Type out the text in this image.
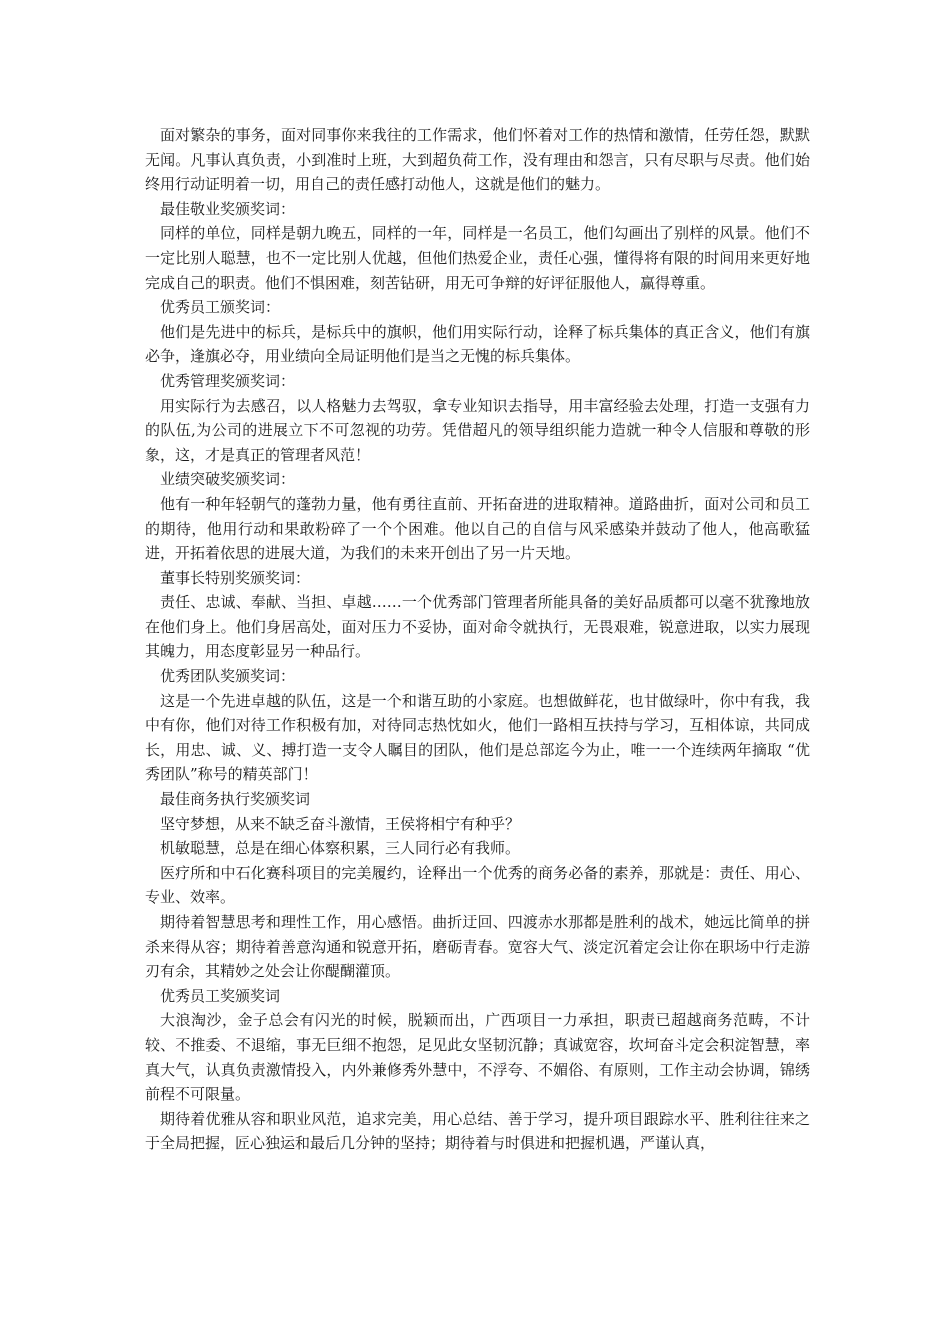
面对繁杂的事务，面对同事你来我往的工作需求，他们怀着对工作的热情和激情，任劳任怨，默默无闻。凡事认真负责，小到准时上班，大到超负荷工作，没有理由和怨言，只有尽职与尽责。他们始终用行动证明着一切，用自己的责任感打动他人，这就是他们的魅力。

最佳敬业奖颁奖词：

同样的单位，同样是朝九晚五，同样的一年，同样是一名员工，他们勾画出了别样的风景。他们不一定比别人聪慧，也不一定比别人优越，但他们热爱企业，责任心强，懂得将有限的时间用来更好地完成自己的职责。他们不惧困难，刻苦钻研，用无可争辩的好评征服他人，赢得尊重。

优秀员工颁奖词：

他们是先进中的标兵，是标兵中的旗帜，他们用实际行动，诠释了标兵集体的真正含义，他们有旗必争，逢旗必夺，用业绩向全局证明他们是当之无愧的标兵集体。

优秀管理奖颁奖词：

用实际行为去感召，以人格魅力去驾驭，拿专业知识去指导，用丰富经验去处理，打造一支强有力的队伍,为公司的进展立下不可忽视的功劳。凭借超凡的领导组织能力造就一种令人信服和尊敬的形象，这，才是真正的管理者风范！

业绩突破奖颁奖词：

他有一种年轻朝气的蓬勃力量，他有勇往直前、开拓奋进的进取精神。道路曲折，面对公司和员工的期待，他用行动和果敢粉碎了一个个困难。他以自己的自信与风采感染并鼓动了他人，他高歌猛进，开拓着依思的进展大道，为我们的未来开创出了另一片天地。

董事长特别奖颁奖词：

责任、忠诚、奉献、当担、卓越……一个优秀部门管理者所能具备的美好品质都可以毫不犹豫地放在他们身上。他们身居高处，面对压力不妥协，面对命令就执行，无畏艰难，锐意进取，以实力展现其魄力，用态度彰显另一种品行。

优秀团队奖颁奖词：

这是一个先进卓越的队伍，这是一个和谐互助的小家庭。也想做鲜花，也甘做绿叶，你中有我，我中有你，他们对待工作积极有加，对待同志热忱如火，他们一路相互扶持与学习，互相体谅，共同成长，用忠、诚、义、搏打造一支令人瞩目的团队，他们是总部迄今为止，唯一一个连续两年摘取 “优秀团队”称号的精英部门！

最佳商务执行奖颁奖词

坚守梦想，从来不缺乏奋斗激情，王侯将相宁有种乎？

机敏聪慧，总是在细心体察积累，三人同行必有我师。

医疗所和中石化赛科项目的完美履约，诠释出一个优秀的商务必备的素养，那就是：责任、用心、专业、效率。

期待着智慧思考和理性工作，用心感悟。曲折迂回、四渡赤水那都是胜利的战术，她远比简单的拼杀来得从容；期待着善意沟通和锐意开拓，磨砺青春。宽容大气、淡定沉着定会让你在职场中行走游刃有余，其精妙之处会让你醍醐灌顶。

优秀员工奖颁奖词

大浪淘沙，金子总会有闪光的时候，脱颖而出，广西项目一力承担，职责已超越商务范畴，不计较、不推委、不退缩，事无巨细不抱怨，足见此女坚韧沉静；真诚宽容，坎坷奋斗定会积淀智慧，率真大气，认真负责激情投入，内外兼修秀外慧中，不浮夸、不媚俗、有原则，工作主动会协调，锦绣前程不可限量。

期待着优雅从容和职业风范，追求完美，用心总结、善于学习，提升项目跟踪水平、胜利往往来之于全局把握，匠心独运和最后几分钟的坚持；期待着与时俱进和把握机遇，严谨认真，
